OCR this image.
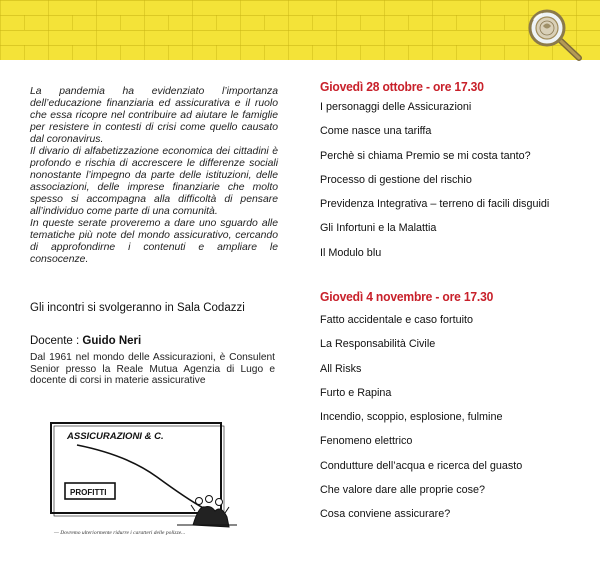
La pandemia ha evidenziato l’importanza dell’educazione finanziaria ed assicurativa e il ruolo che essa ricopre nel contribuire ad aiutare le famiglie per resistere in contesti di crisi come quello causato dal coronavirus.

Il divario di alfabetizzazione economica dei cittadini è profondo e rischia di accrescere le differenze sociali nonostante l’impegno da parte delle istituzioni, delle associazioni, delle imprese finanziarie che molto spesso si accompagna alla difficoltà di pensare all’individuo come parte di una comunità.

In queste serate proveremo a dare uno sguardo alle tematiche più note del mondo assicurativo, cercando di approfondirne i contenuti e ampliare le consocenze.

Gli incontri si svolgeranno in Sala Codazzi
Docente : Guido Neri
Dal 1961 nel mondo delle Assicurazioni, è Consulent Senior presso la Reale Mutua Agenzia di Lugo e docente di corsi in materie assicurative
ASSICURAZIONI & C.
PROFITTI
— Dovremo ulteriormente ridurre i caratteri delle polizze...
Giovedì 28 ottobre - ore 17.30
I personaggi delle Assicurazioni
Come nasce una tariffa
Perchè si chiama Premio se mi costa tanto?
Processo di gestione del rischio
Previdenza Integrativa – terreno di facili disguidi
Gli Infortuni e la Malattia
Il Modulo blu
Giovedì 4 novembre - ore 17.30
Fatto accidentale e caso fortuito
La Responsabilità Civile
All Risks
Furto e Rapina
Incendio, scoppio, esplosione, fulmine
Fenomeno elettrico
Condutture dell’acqua e ricerca del guasto
Che valore dare alle proprie cose?
Cosa conviene assicurare?
